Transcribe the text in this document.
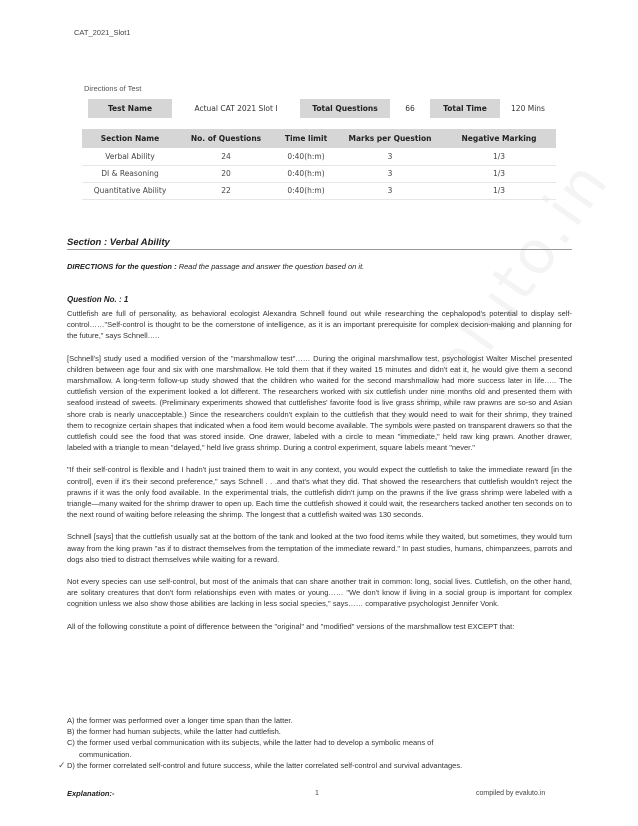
CAT_2021_Slot1
Directions of Test
Test Name	Actual CAT 2021 Slot I	Total Questions	66	Total Time	120 Mins
Section Name	No. of Questions	Time limit	Marks per Question	Negative Marking
Verbal Ability	24	0:40(h:m)	3	1/3
DI & Reasoning	20	0:40(h:m)	3	1/3
Quantitative Ability	22	0:40(h:m)	3	1/3
Section : Verbal Ability
DIRECTIONS for the question : Read the passage and answer the question based on it.
Question No. : 1

Cuttlefish are full of personality, as behavioral ecologist Alexandra Schnell found out while researching the cephalopod's potential to display self-control……"Self-control is thought to be the cornerstone of intelligence, as it is an important prerequisite for complex decision-making and planning for the future," says Schnell…..

[Schnell's] study used a modified version of the "marshmallow test"…… During the original marshmallow test, psychologist Walter Mischel presented children between age four and six with one marshmallow. He told them that if they waited 15 minutes and didn't eat it, he would give them a second marshmallow. A long-term follow-up study showed that the children who waited for the second marshmallow had more success later in life….. The cuttlefish version of the experiment looked a lot different. The researchers worked with six cuttlefish under nine months old and presented them with seafood instead of sweets. (Preliminary experiments showed that cuttlefishes' favorite food is live grass shrimp, while raw prawns are so-so and Asian shore crab is nearly unacceptable.) Since the researchers couldn't explain to the cuttlefish that they would need to wait for their shrimp, they trained them to recognize certain shapes that indicated when a food item would become available. The symbols were pasted on transparent drawers so that the cuttlefish could see the food that was stored inside. One drawer, labeled with a circle to mean "immediate," held raw king prawn. Another drawer, labeled with a triangle to mean "delayed," held live grass shrimp. During a control experiment, square labels meant "never."

"If their self-control is flexible and I hadn't just trained them to wait in any context, you would expect the cuttlefish to take the immediate reward [in the control], even if it's their second preference," says Schnell . . .and that's what they did. That showed the researchers that cuttlefish wouldn't reject the prawns if it was the only food available. In the experimental trials, the cuttlefish didn't jump on the prawns if the live grass shrimp were labeled with a triangle—many waited for the shrimp drawer to open up. Each time the cuttlefish showed it could wait, the researchers tacked another ten seconds on to the next round of waiting before releasing the shrimp. The longest that a cuttlefish waited was 130 seconds.

Schnell [says] that the cuttlefish usually sat at the bottom of the tank and looked at the two food items while they waited, but sometimes, they would turn away from the king prawn "as if to distract themselves from the temptation of the immediate reward." In past studies, humans, chimpanzees, parrots and dogs also tried to distract themselves while waiting for a reward.

Not every species can use self-control, but most of the animals that can share another trait in common: long, social lives. Cuttlefish, on the other hand, are solitary creatures that don't form relationships even with mates or young…… "We don't know if living in a social group is important for complex cognition unless we also show those abilities are lacking in less social species," says…… comparative psychologist Jennifer Vonk.

All of the following constitute a point of difference between the "original" and "modified" versions of the marshmallow test EXCEPT that:

A) the former was performed over a longer time span than the latter.
B) the former had human subjects, while the latter had cuttlefish.
C) the former used verbal communication with its subjects, while the latter had to develop a symbolic means of
communication.
✓ D) the former correlated self-control and future success, while the latter correlated self-control and survival advantages.
Explanation:-	1	compiled by evaluto.in
